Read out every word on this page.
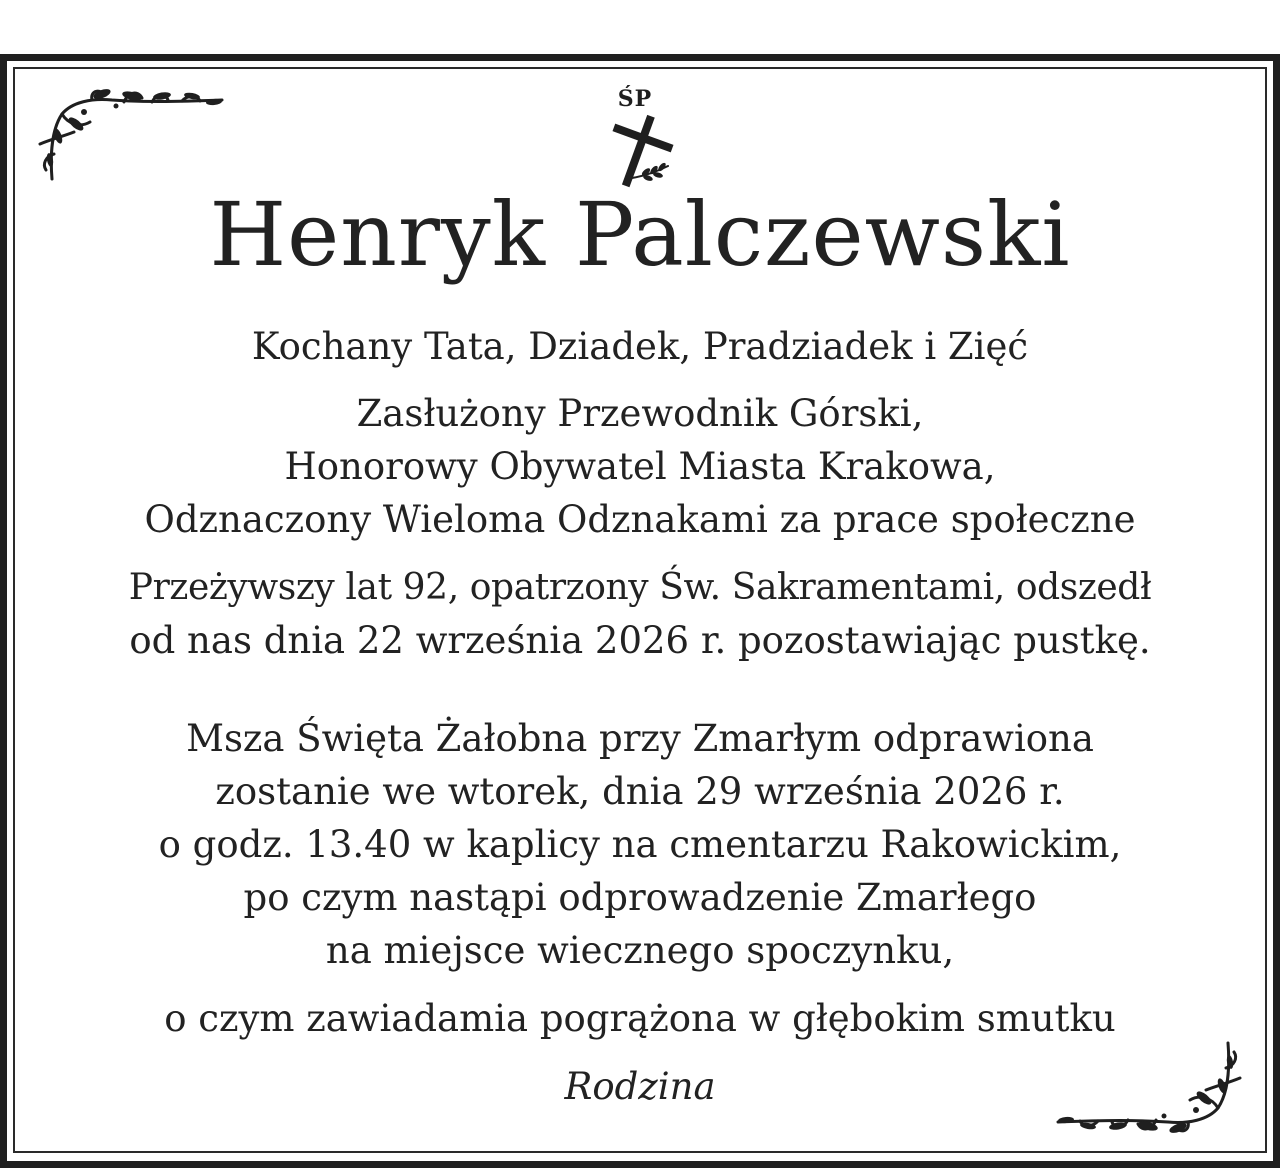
ŚP
Henryk Palczewski
Kochany Tata, Dziadek, Pradziadek i Zięć
Zasłużony Przewodnik Górski,
Honorowy Obywatel Miasta Krakowa,
Odznaczony Wieloma Odznakami za prace społeczne
Przeżywszy lat 92, opatrzony Św. Sakramentami, odszedł
od nas dnia 22 września 2026 r. pozostawiając pustkę.
Msza Święta Żałobna przy Zmarłym odprawiona
zostanie we wtorek, dnia 29 września 2026 r.
o godz. 13.40 w kaplicy na cmentarzu Rakowickim,
po czym nastąpi odprowadzenie Zmarłego
na miejsce wiecznego spoczynku,
o czym zawiadamia pogrążona w głębokim smutku
Rodzina
